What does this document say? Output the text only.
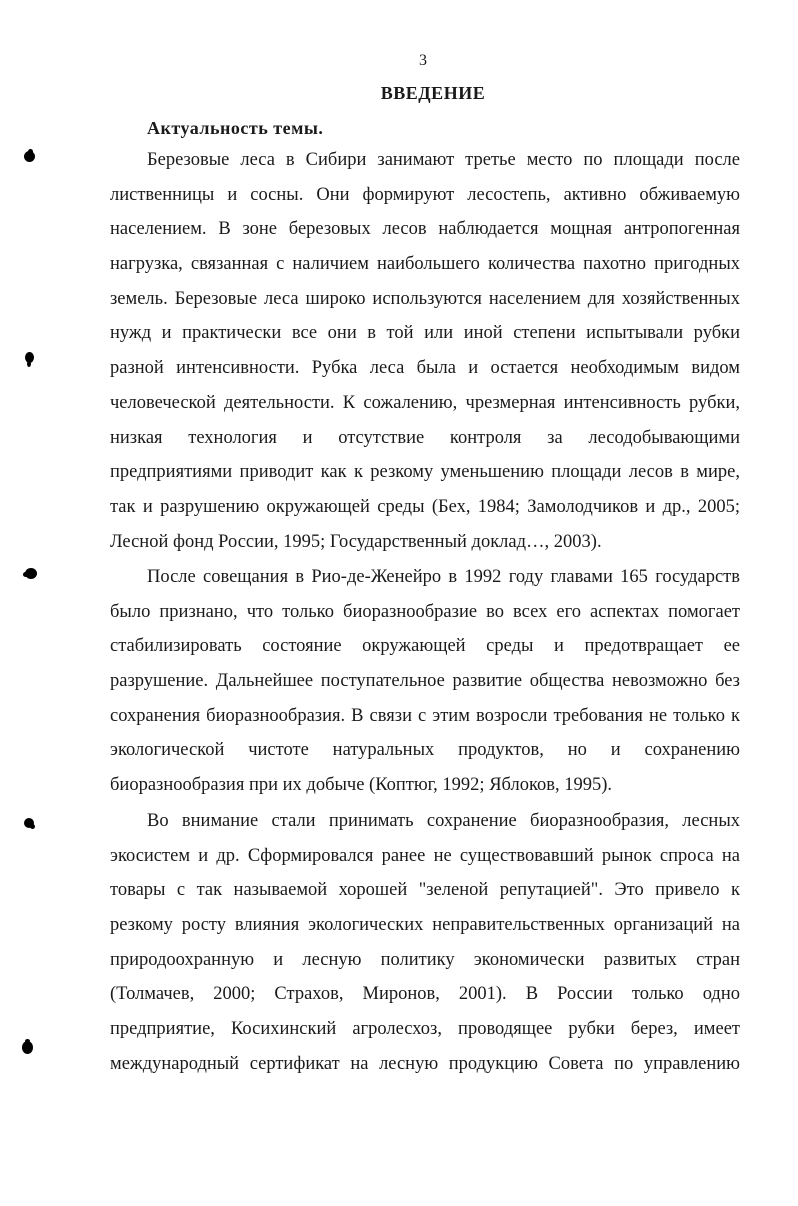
3
ВВЕДЕНИЕ
Актуальность темы.
Березовые леса в Сибири занимают третье место по площади после
лиственницы и сосны. Они формируют лесостепь, активно обживаемую
населением. В зоне березовых лесов наблюдается мощная антропогенная
нагрузка, связанная с наличием наибольшего количества пахотно пригодных
земель. Березовые леса широко используются населением для хозяйственных
нужд и практически все они в той или иной степени испытывали рубки
разной интенсивности. Рубка леса была и остается необходимым видом
человеческой деятельности. К сожалению, чрезмерная интенсивность рубки,
низкая технология и отсутствие контроля за лесодобывающими
предприятиями приводит как к резкому уменьшению площади лесов в мире,
так и разрушению окружающей среды (Бех, 1984; Замолодчиков и др., 2005;
Лесной фонд России, 1995; Государственный доклад…, 2003).
После совещания в Рио-де-Женейро в 1992 году главами 165 государств
было признано, что только биоразнообразие во всех его аспектах помогает
стабилизировать состояние окружающей среды и предотвращает ее
разрушение. Дальнейшее поступательное развитие общества невозможно без
сохранения биоразнообразия. В связи с этим возросли требования не только к
экологической чистоте натуральных продуктов, но и сохранению
биоразнообразия при их добыче (Коптюг, 1992; Яблоков, 1995).
Во внимание стали принимать сохранение биоразнообразия, лесных
экосистем и др. Сформировался ранее не существовавший рынок спроса на
товары с так называемой хорошей "зеленой репутацией". Это привело к
резкому росту влияния экологических неправительственных организаций на
природоохранную и лесную политику экономически развитых стран
(Толмачев, 2000; Страхов, Миронов, 2001). В России только одно
предприятие, Косихинский агролесхоз, проводящее рубки берез, имеет
международный сертификат на лесную продукцию Совета по управлению
